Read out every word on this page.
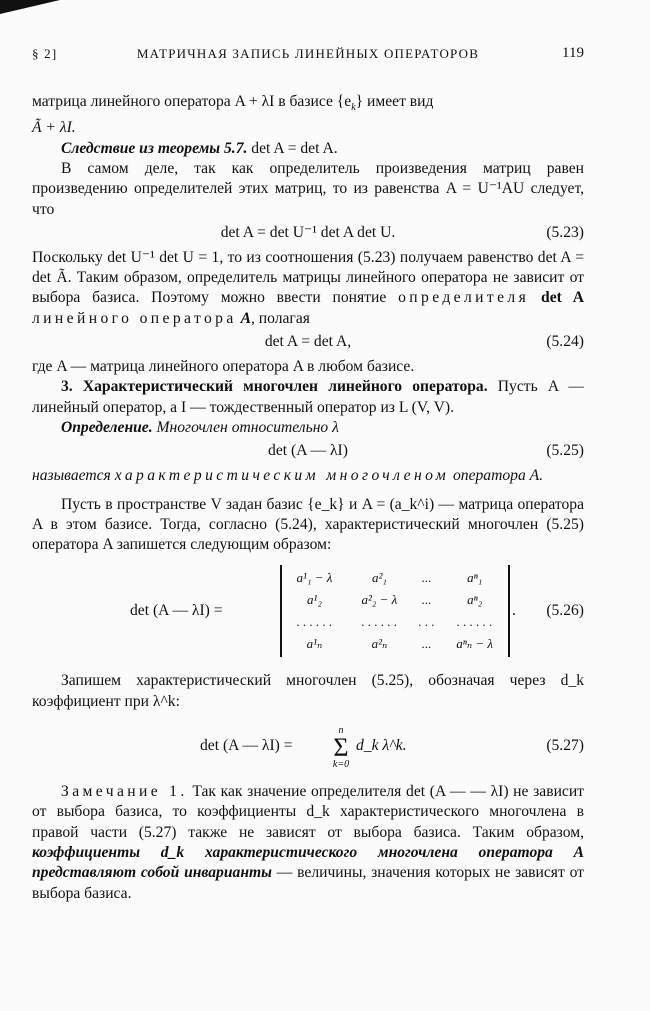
§ 2]	МАТРИЧНАЯ ЗАПИСЬ ЛИНЕЙНЫХ ОПЕРАТОРОВ	119

матрица линейного оператора A + λI в базисе $\{e_k\}$ имеет вид
Ã + λI.

Следствие из теоремы 5.7. det A = det A.

В самом деле, так как определитель произведения матриц равен произведению определителей этих матриц, то из равенства A = U⁻¹AU следует, что

det A = det U⁻¹ det A det U.	(5.23)

Поскольку det U⁻¹ det U = 1, то из соотношения (5.23) получаем равенство det A = det Ã. Таким образом, определитель матрицы линейного оператора не зависит от выбора базиса. Поэтому можно ввести понятие определителя det A линейного оператора A, полагая

det A = det A,	(5.24)

где A — матрица линейного оператора A в любом базисе.

3. Характеристический многочлен линейного оператора. Пусть A — линейный оператор, а I — тождественный оператор из L (V, V).

Определение. Многочлен относительно λ

det (A — λI)	(5.25)

называется характеристическим многочленом оператора A.

Пусть в пространстве V задан базис {e_k} и A = (a_k^i) — матрица оператора A в этом базисе. Тогда, согласно (5.24), характеристический многочлен (5.25) оператора A запишется следующим образом:

det (A — λI) =
a¹₁ − λ	a²₁	...	aⁿ₁
a¹₂	a²₂ − λ	...	aⁿ₂
. . . . . .	. . . . . .	. . .	. . . . . .
a¹ₙ	a²ₙ	...	aⁿₙ − λ
. (5.26)

Запишем характеристический многочлен (5.25), обозначая через d_k коэффициент при λ^k:

det (A — λI) =
n
Σ
k=0
d_k λ^k.	(5.27)

Замечание 1. Так как значение определителя det (A — — λI) не зависит от выбора базиса, то коэффициенты d_k характеристического многочлена в правой части (5.27) также не зависят от выбора базиса. Таким образом, коэффициенты d_k характеристического многочлена оператора A представляют собой инварианты — величины, значения которых не зависят от выбора базиса.
